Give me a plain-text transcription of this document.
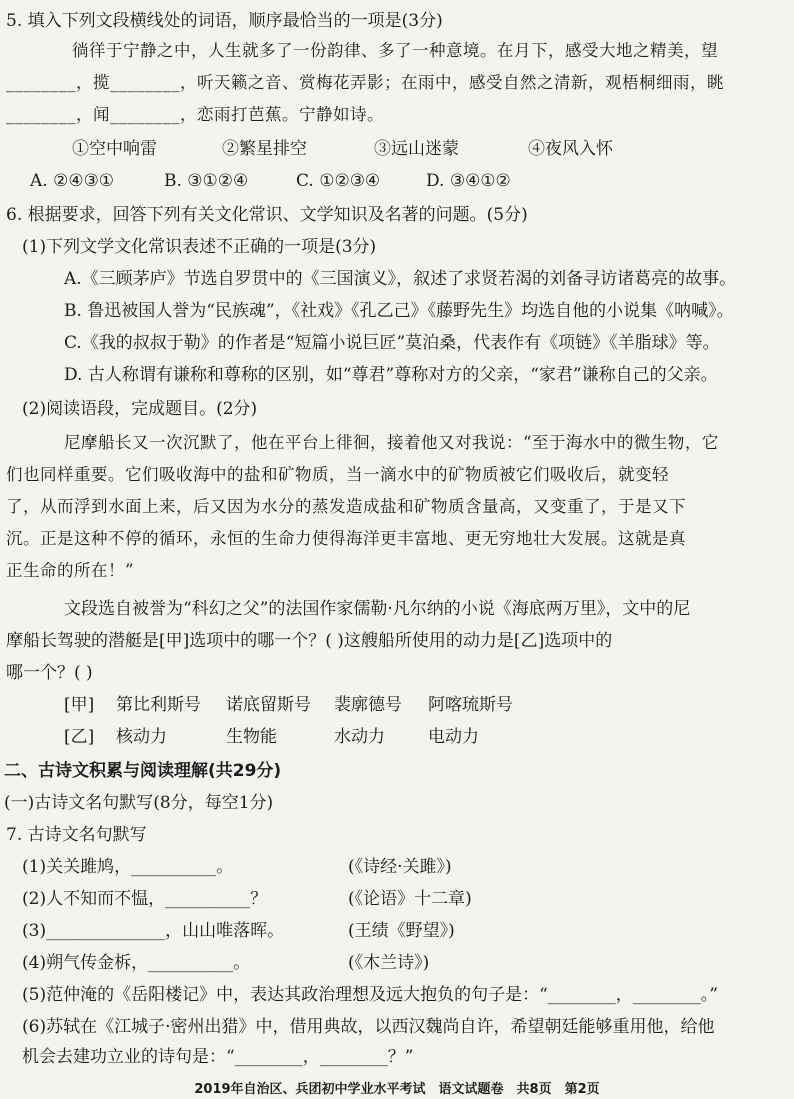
5. 填入下列文段横线处的词语，顺序最恰当的一项是(3分)
徜徉于宁静之中，人生就多了一份韵律、多了一种意境。在月下，感受大地之精美，望
________，揽________，听天籁之音、赏梅花弄影；在雨中，感受自然之清新，观梧桐细雨，眺
________，闻________，恋雨打芭蕉。宁静如诗。
①空中响雷	②繁星排空	③远山迷蒙	④夜风入怀
A. ②④③①	B. ③①②④	C. ①②③④	D. ③④①②
6. 根据要求，回答下列有关文化常识、文学知识及名著的问题。(5分)
(1)下列文学文化常识表述不正确的一项是(3分)
A.《三顾茅庐》节选自罗贯中的《三国演义》，叙述了求贤若渴的刘备寻访诸葛亮的故事。
B. 鲁迅被国人誉为“民族魂”，《社戏》《孔乙己》《藤野先生》均选自他的小说集《呐喊》。
C.《我的叔叔于勒》的作者是“短篇小说巨匠”莫泊桑，代表作有《项链》《羊脂球》等。
D. 古人称谓有谦称和尊称的区别，如“尊君”尊称对方的父亲，“家君”谦称自己的父亲。
(2)阅读语段，完成题目。(2分)
尼摩船长又一次沉默了，他在平台上徘徊，接着他又对我说：“至于海水中的微生物，它
们也同样重要。它们吸收海中的盐和矿物质，当一滴水中的矿物质被它们吸收后，就变轻
了，从而浮到水面上来，后又因为水分的蒸发造成盐和矿物质含量高，又变重了，于是又下
沉。正是这种不停的循环，永恒的生命力使得海洋更丰富地、更无穷地壮大发展。这就是真
正生命的所在！”
文段选自被誉为“科幻之父”的法国作家儒勒·凡尔纳的小说《海底两万里》，文中的尼
摩船长驾驶的潜艇是[甲]选项中的哪一个？( )这艘船所使用的动力是[乙]选项中的
哪一个？( )
[甲] 第比利斯号 诺底留斯号 裴廓德号 阿喀琉斯号
[乙] 核动力	生物能	水动力	电动力
二、古诗文积累与阅读理解(共29分)
(一)古诗文名句默写(8分，每空1分)
7. 古诗文名句默写
(1)关关雎鸠，__________。	(《诗经·关雎》)
(2)人不知而不愠，__________？	(《论语》十二章)
(3)______________，山山唯落晖。	(王绩《野望》)
(4)朔气传金柝，__________。	(《木兰诗》)
(5)范仲淹的《岳阳楼记》中，表达其政治理想及远大抱负的句子是：“________，________。”
(6)苏轼在《江城子·密州出猎》中，借用典故，以西汉魏尚自许，希望朝廷能够重用他，给他
机会去建功立业的诗句是：“________，________？”
2019年自治区、兵团初中学业水平考试　语文试题卷　共8页　第2页
